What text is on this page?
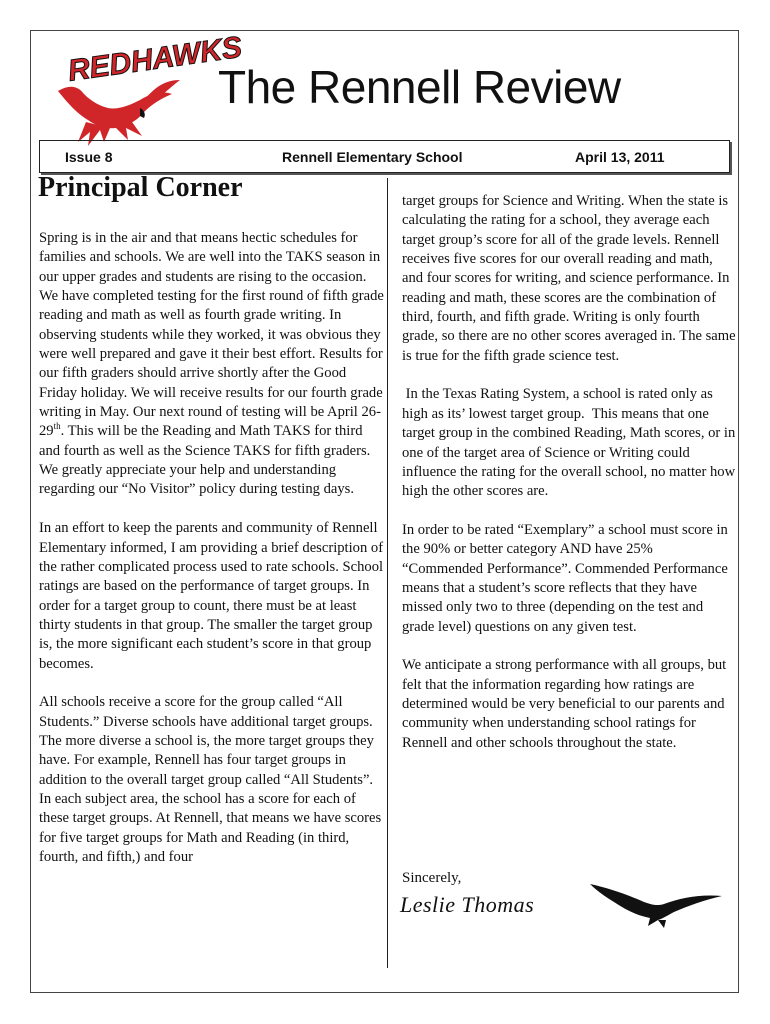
REDHAWKS
The Rennell Review
Issue 8	Rennell Elementary School	April 13, 2011
Principal Corner

Spring is in the air and that means hectic schedules for families and schools. We are well into the TAKS season in our upper grades and students are rising to the occasion. We have completed testing for the first round of fifth grade reading and math as well as fourth grade writing. In observing students while they worked, it was obvious they were well prepared and gave it their best effort. Results for our fifth graders should arrive shortly after the Good Friday holiday. We will receive results for our fourth grade writing in May. Our next round of testing will be April 26-29th. This will be the Reading and Math TAKS for third and fourth as well as the Science TAKS for fifth graders. We greatly appreciate your help and understanding regarding our “No Visitor” policy during testing days.

In an effort to keep the parents and community of Rennell Elementary informed, I am providing a brief description of the rather complicated process used to rate schools. School ratings are based on the performance of target groups. In order for a target group to count, there must be at least thirty students in that group. The smaller the target group is, the more significant each student’s score in that group becomes.

All schools receive a score for the group called “All Students.” Diverse schools have additional target groups. The more diverse a school is, the more target groups they have. For example, Rennell has four target groups in addition to the overall target group called “All Students”. In each subject area, the school has a score for each of these target groups. At Rennell, that means we have scores for five target groups for Math and Reading (in third, fourth, and fifth,) and four

target groups for Science and Writing. When the state is calculating the rating for a school, they average each target group’s score for all of the grade levels. Rennell receives five scores for our overall reading and math, and four scores for writing, and science performance. In reading and math, these scores are the combination of third, fourth, and fifth grade. Writing is only fourth grade, so there are no other scores averaged in. The same is true for the fifth grade science test.

In the Texas Rating System, a school is rated only as high as its’ lowest target group.  This means that one target group in the combined Reading, Math scores, or in one of the target area of Science or Writing could influence the rating for the overall school, no matter how high the other scores are.

In order to be rated “Exemplary” a school must score in the 90% or better category AND have 25% “Commended Performance”. Commended Performance means that a student’s score reflects that they have missed only two to three (depending on the test and grade level) questions on any given test.

We anticipate a strong performance with all groups, but felt that the information regarding how ratings are determined would be very beneficial to our parents and community when understanding school ratings for Rennell and other schools throughout the state.

Sincerely,
Leslie Thomas
